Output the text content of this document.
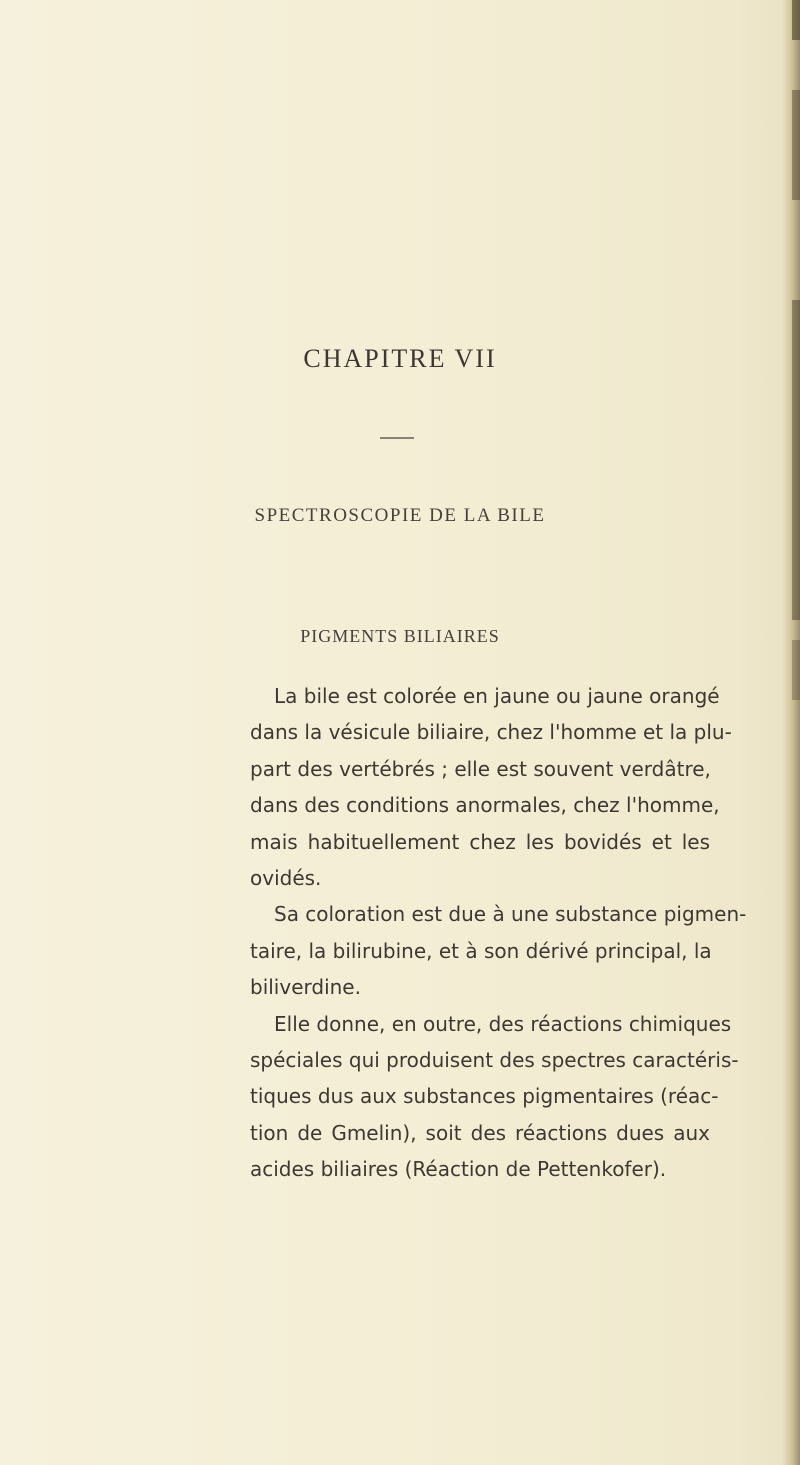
CHAPITRE VII
SPECTROSCOPIE DE LA BILE
PIGMENTS BILIAIRES
La bile est colorée en jaune ou jaune orangé
dans la vésicule biliaire, chez l'homme et la plu-
part des vertébrés ; elle est souvent verdâtre,
dans des conditions anormales, chez l'homme,
mais habituellement chez les bovidés et les
ovidés.
Sa coloration est due à une substance pigmen-
taire, la bilirubine, et à son dérivé principal, la
biliverdine.
Elle donne, en outre, des réactions chimiques
spéciales qui produisent des spectres caractéris-
tiques dus aux substances pigmentaires (réac-
tion de Gmelin), soit des réactions dues aux
acides biliaires (Réaction de Pettenkofer).
